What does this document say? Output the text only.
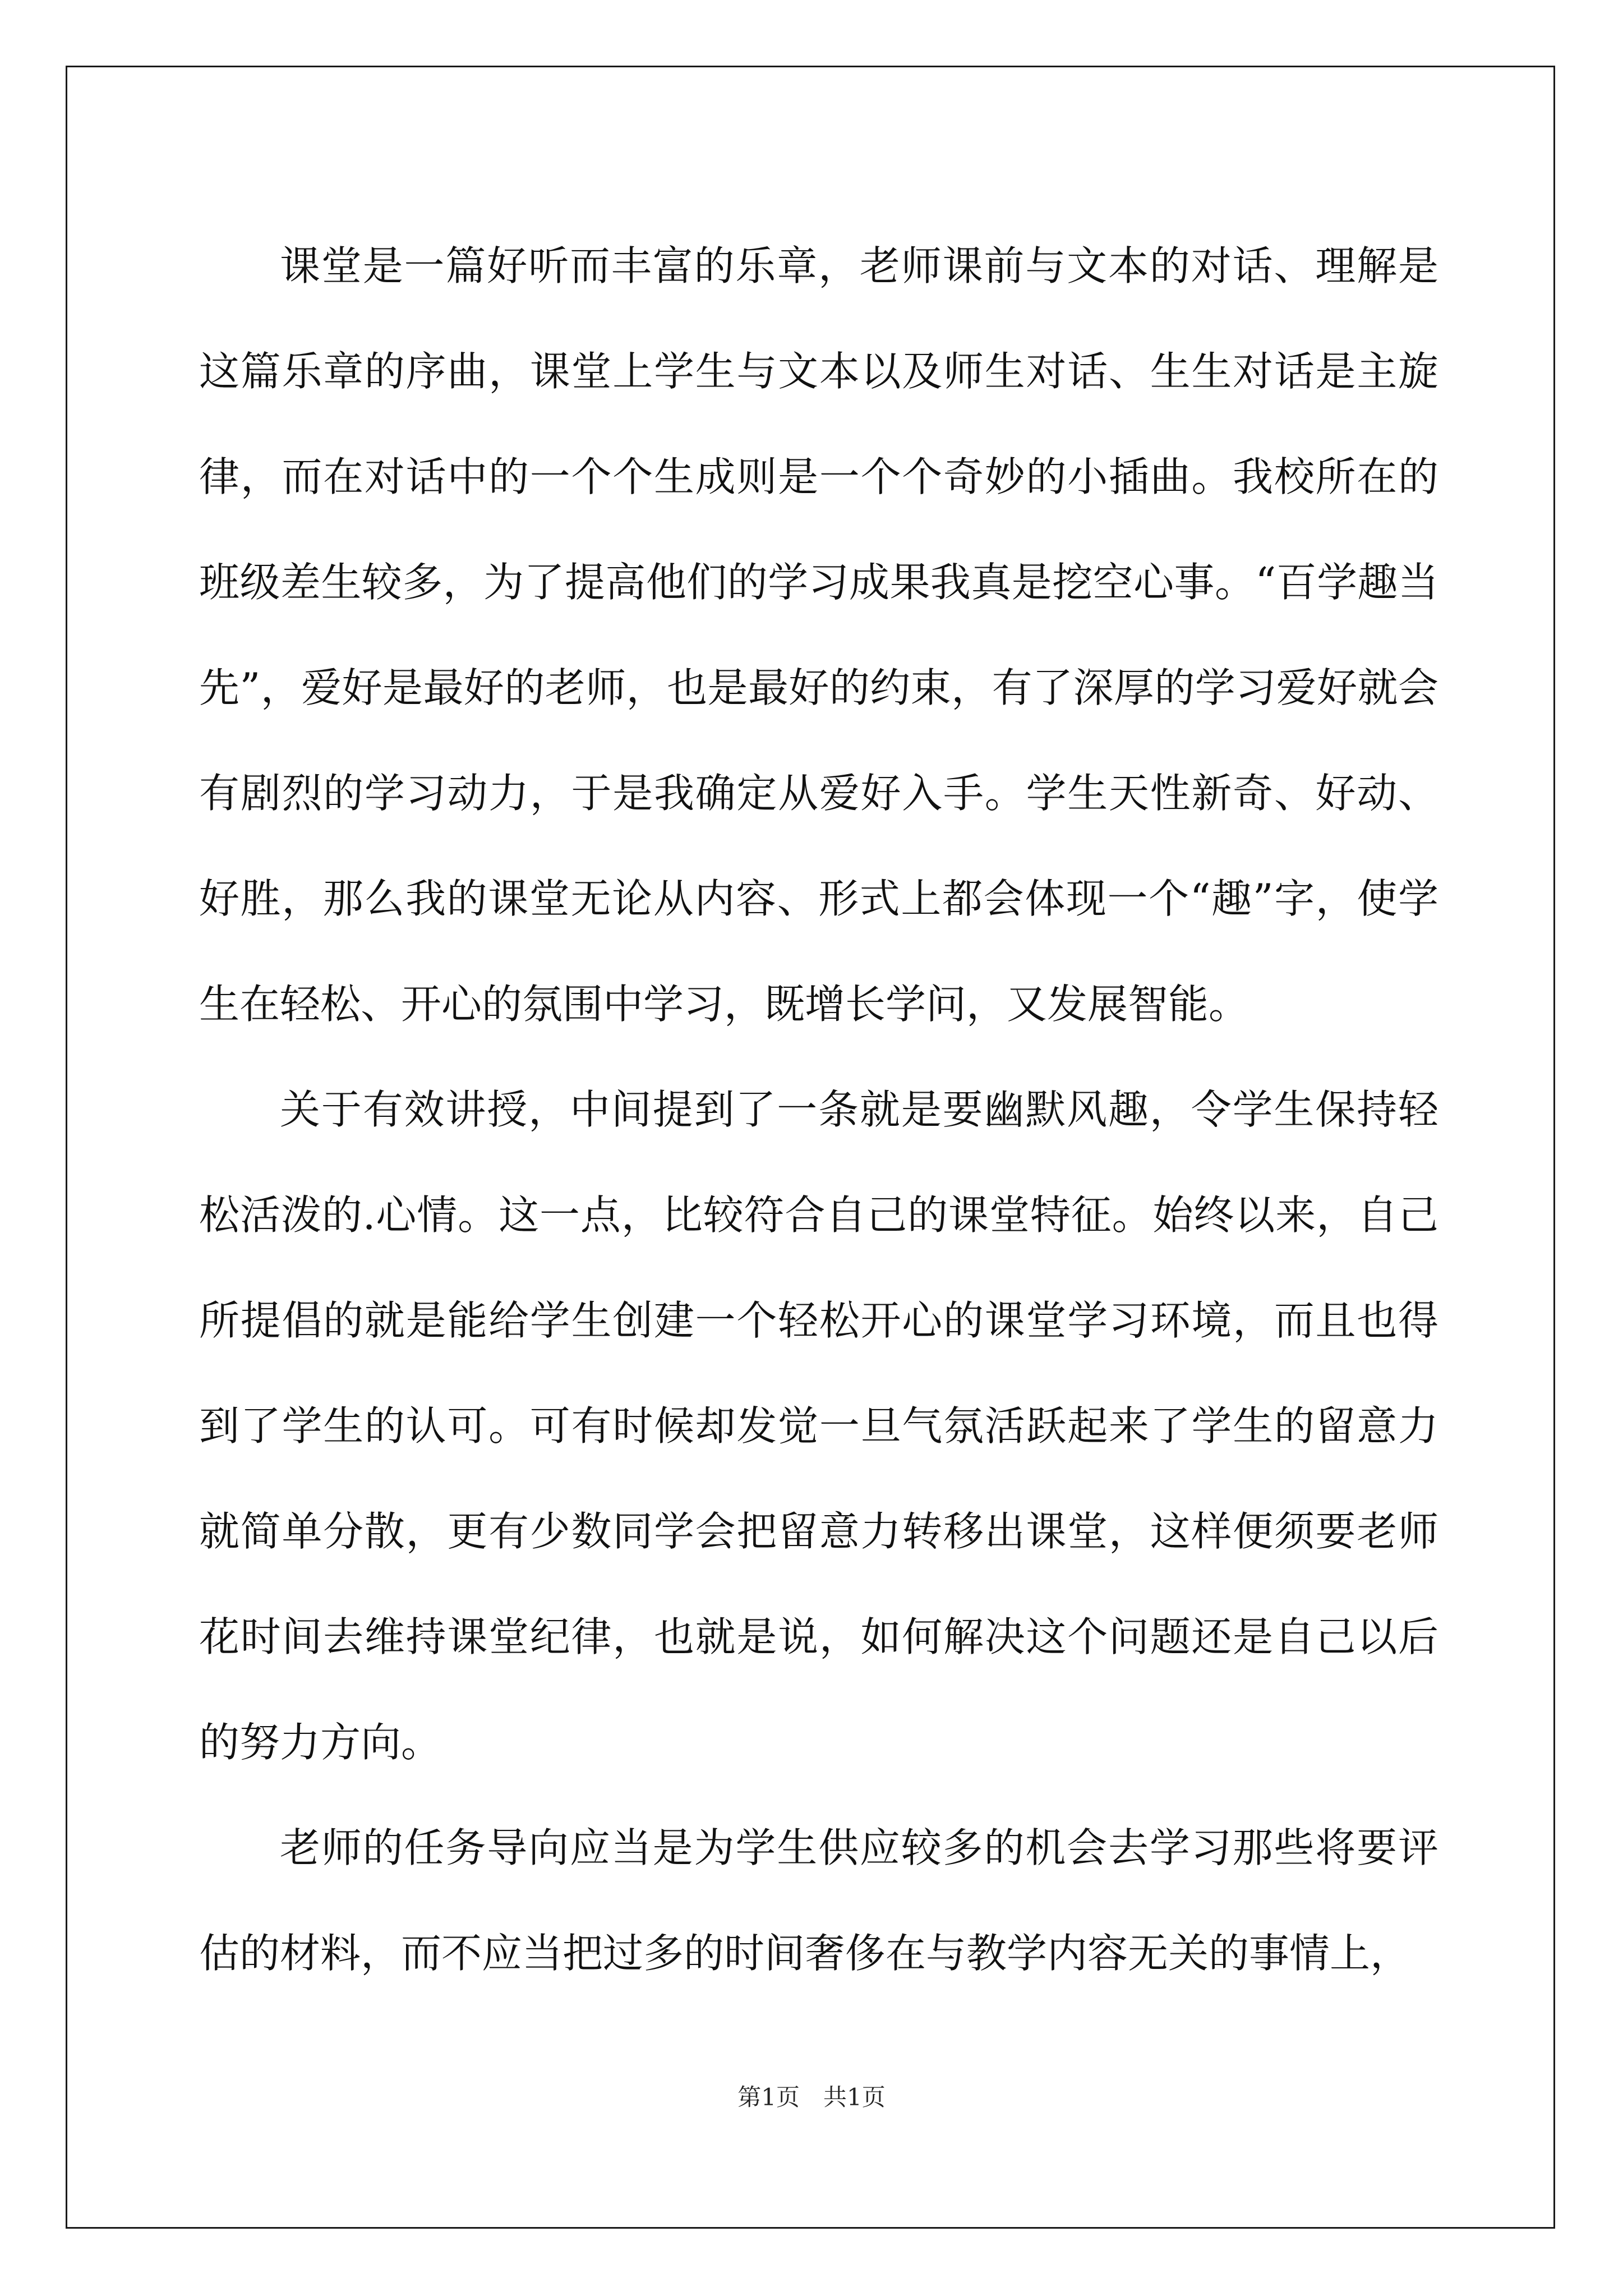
课堂是一篇好听而丰富的乐章，老师课前与文本的对话、理解是这篇乐章的序曲，课堂上学生与文本以及师生对话、生生对话是主旋律，而在对话中的一个个生成则是一个个奇妙的小插曲。我校所在的班级差生较多，为了提高他们的学习成果我真是挖空心事。“百学趣当先”，爱好是最好的老师，也是最好的约束，有了深厚的学习爱好就会有剧烈的学习动力，于是我确定从爱好入手。学生天性新奇、好动、好胜，那么我的课堂无论从内容、形式上都会体现一个“趣”字，使学生在轻松、开心的氛围中学习，既增长学问，又发展智能。

关于有效讲授，中间提到了一条就是要幽默风趣，令学生保持轻松活泼的.心情。这一点，比较符合自己的课堂特征。始终以来，自己所提倡的就是能给学生创建一个轻松开心的课堂学习环境，而且也得到了学生的认可。可有时候却发觉一旦气氛活跃起来了学生的留意力就简单分散，更有少数同学会把留意力转移出课堂，这样便须要老师花时间去维持课堂纪律，也就是说，如何解决这个问题还是自己以后的努力方向。

老师的任务导向应当是为学生供应较多的机会去学习那些将要评估的材料，而不应当把过多的时间奢侈在与教学内容无关的事情上，

第1页 共1页
